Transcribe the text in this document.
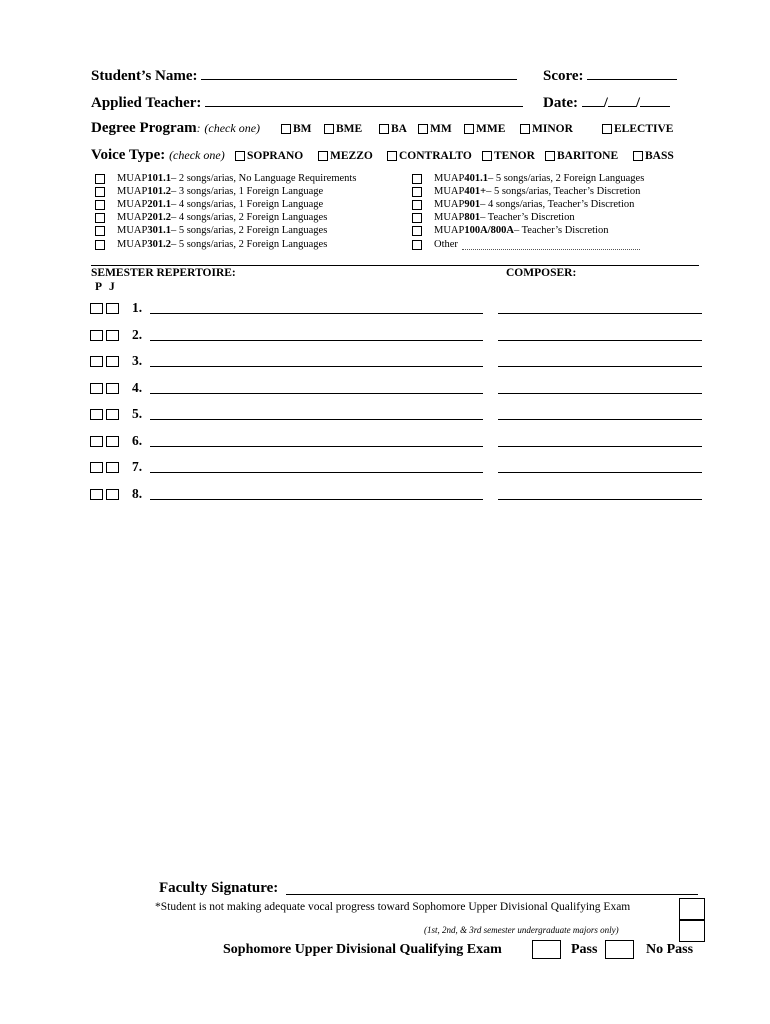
Student’s Name:	Score:
Applied Teacher:	Date: / /
Degree Program: (check one)	BM BME	BA MM MME MINOR	ELECTIVE
Voice Type: (check one) SOPRANO MEZZO CONTRALTO TENOR BARITONE BASS
MUAP 101.1 – 2 songs/arias, No Language Requirements
MUAP 101.2 – 3 songs/arias, 1 Foreign Language
MUAP 201.1 – 4 songs/arias, 1 Foreign Language
MUAP 201.2 – 4 songs/arias, 2 Foreign Languages
MUAP 301.1 – 5 songs/arias, 2 Foreign Languages
MUAP 301.2 – 5 songs/arias, 2 Foreign Languages
MUAP 401.1 – 5 songs/arias, 2 Foreign Languages
MUAP 401+ – 5 songs/arias, Teacher’s Discretion
MUAP 901 – 4 songs/arias, Teacher’s Discretion
MUAP 801 – Teacher’s Discretion
MUAP 100A/800A – Teacher’s Discretion
Other
SEMESTER REPERTOIRE:	COMPOSER:
P J
1.
2.
3.
4.
5.
6.
7.
8.
Faculty Signature:
*Student is not making adequate vocal progress toward Sophomore Upper Divisional Qualifying Exam
(1st, 2nd, & 3rd semester undergraduate majors only)
Sophomore Upper Divisional Qualifying Exam	Pass	No Pass
